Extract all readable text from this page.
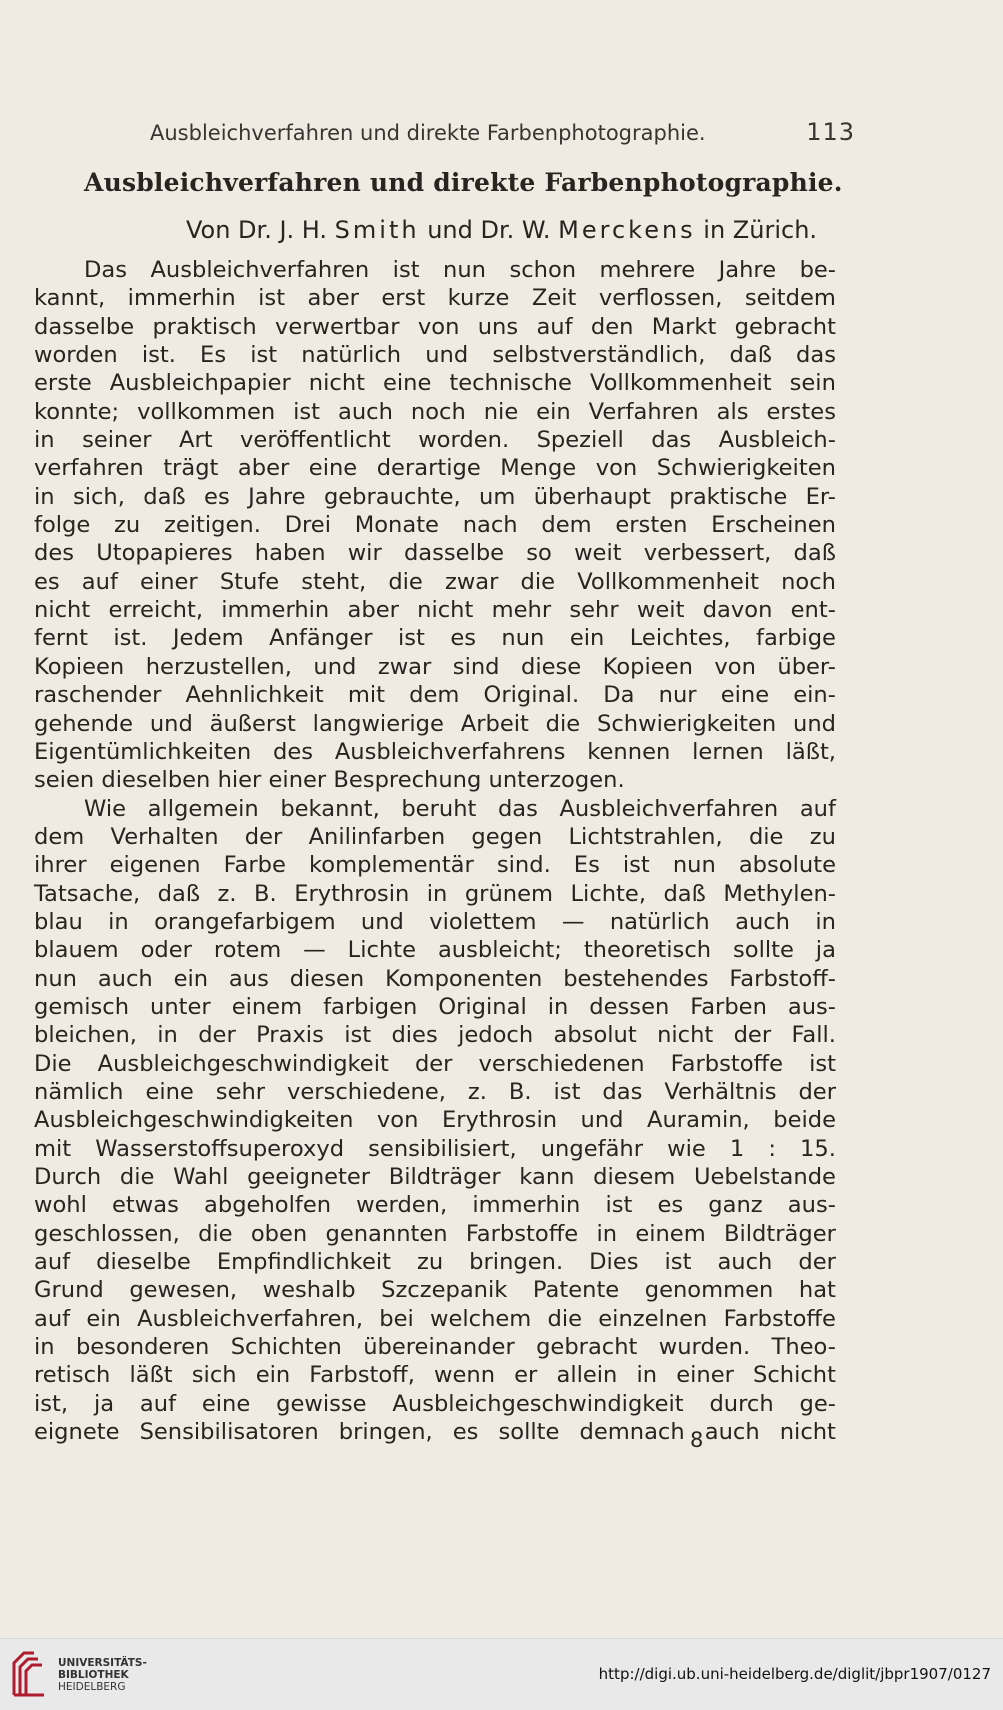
Ausbleichverfahren und direkte Farbenphotographie.	113
Ausbleichverfahren und direkte Farbenphotographie.
Von Dr. J. H. Smith und Dr. W. Merckens in Zürich.
Das Ausbleichverfahren ist nun schon mehrere Jahre be-
kannt, immerhin ist aber erst kurze Zeit verflossen, seitdem
dasselbe praktisch verwertbar von uns auf den Markt gebracht
worden ist. Es ist natürlich und selbstverständlich, daß das
erste Ausbleichpapier nicht eine technische Vollkommenheit sein
konnte; vollkommen ist auch noch nie ein Verfahren als erstes
in seiner Art veröffentlicht worden. Speziell das Ausbleich-
verfahren trägt aber eine derartige Menge von Schwierigkeiten
in sich, daß es Jahre gebrauchte, um überhaupt praktische Er-
folge zu zeitigen. Drei Monate nach dem ersten Erscheinen
des Utopapieres haben wir dasselbe so weit verbessert, daß
es auf einer Stufe steht, die zwar die Vollkommenheit noch
nicht erreicht, immerhin aber nicht mehr sehr weit davon ent-
fernt ist. Jedem Anfänger ist es nun ein Leichtes, farbige
Kopieen herzustellen, und zwar sind diese Kopieen von über-
raschender Aehnlichkeit mit dem Original. Da nur eine ein-
gehende und äußerst langwierige Arbeit die Schwierigkeiten und
Eigentümlichkeiten des Ausbleichverfahrens kennen lernen läßt,
seien dieselben hier einer Besprechung unterzogen.
Wie allgemein bekannt, beruht das Ausbleichverfahren auf
dem Verhalten der Anilinfarben gegen Lichtstrahlen, die zu
ihrer eigenen Farbe komplementär sind. Es ist nun absolute
Tatsache, daß z. B. Erythrosin in grünem Lichte, daß Methylen-
blau in orangefarbigem und violettem — natürlich auch in
blauem oder rotem — Lichte ausbleicht; theoretisch sollte ja
nun auch ein aus diesen Komponenten bestehendes Farbstoff-
gemisch unter einem farbigen Original in dessen Farben aus-
bleichen, in der Praxis ist dies jedoch absolut nicht der Fall.
Die Ausbleichgeschwindigkeit der verschiedenen Farbstoffe ist
nämlich eine sehr verschiedene, z. B. ist das Verhältnis der
Ausbleichgeschwindigkeiten von Erythrosin und Auramin, beide
mit Wasserstoffsuperoxyd sensibilisiert, ungefähr wie 1 : 15.
Durch die Wahl geeigneter Bildträger kann diesem Uebelstande
wohl etwas abgeholfen werden, immerhin ist es ganz aus-
geschlossen, die oben genannten Farbstoffe in einem Bildträger
auf dieselbe Empfindlichkeit zu bringen. Dies ist auch der
Grund gewesen, weshalb Szczepanik Patente genommen hat
auf ein Ausbleichverfahren, bei welchem die einzelnen Farbstoffe
in besonderen Schichten übereinander gebracht wurden. Theo-
retisch läßt sich ein Farbstoff, wenn er allein in einer Schicht
ist, ja auf eine gewisse Ausbleichgeschwindigkeit durch ge-
eignete Sensibilisatoren bringen, es sollte demnach auch nicht
8
UNIVERSITÄTS-
BIBLIOTHEK
HEIDELBERG
http://digi.ub.uni-heidelberg.de/diglit/jbpr1907/0127
